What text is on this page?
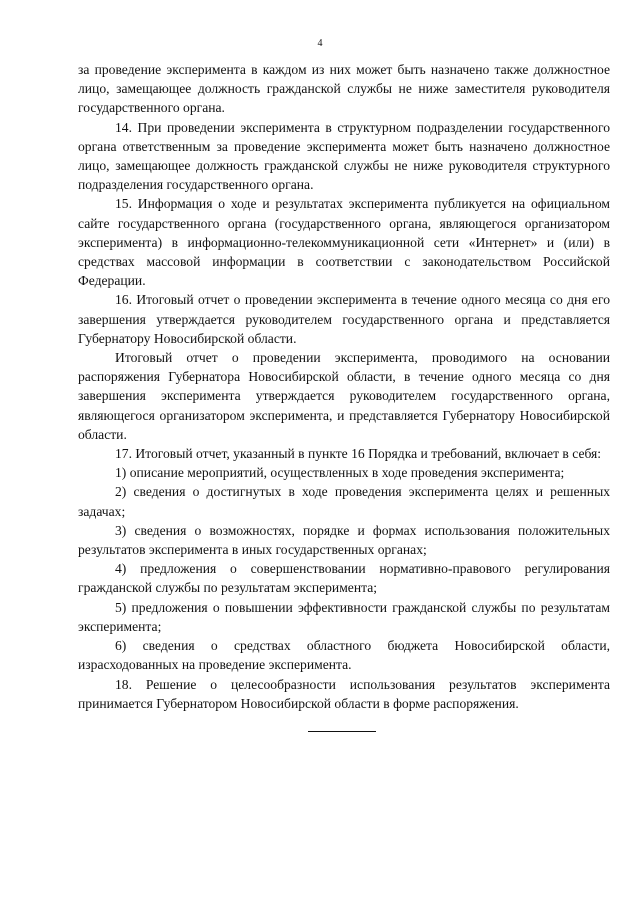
4

за проведение эксперимента в каждом из них может быть назначено также должностное лицо, замещающее должность гражданской службы не ниже заместителя руководителя государственного органа.

14. При проведении эксперимента в структурном подразделении государственного органа ответственным за проведение эксперимента может быть назначено должностное лицо, замещающее должность гражданской службы не ниже руководителя структурного подразделения государственного органа.

15. Информация о ходе и результатах эксперимента публикуется на официальном сайте государственного органа (государственного органа, являющегося организатором эксперимента) в информационно-телекоммуникационной сети «Интернет» и (или) в средствах массовой информации в соответствии с законодательством Российской Федерации.

16. Итоговый отчет о проведении эксперимента в течение одного месяца со дня его завершения утверждается руководителем государственного органа и представляется Губернатору Новосибирской области.

Итоговый отчет о проведении эксперимента, проводимого на основании распоряжения Губернатора Новосибирской области, в течение одного месяца со дня завершения эксперимента утверждается руководителем государственного органа, являющегося организатором эксперимента, и представляется Губернатору Новосибирской области.

17. Итоговый отчет, указанный в пункте 16 Порядка и требований, включает в себя:

1) описание мероприятий, осуществленных в ходе проведения эксперимента;

2) сведения о достигнутых в ходе проведения эксперимента целях и решенных задачах;

3) сведения о возможностях, порядке и формах использования положительных результатов эксперимента в иных государственных органах;

4) предложения о совершенствовании нормативно-правового регулирования гражданской службы по результатам эксперимента;

5) предложения о повышении эффективности гражданской службы по результатам эксперимента;

6) сведения о средствах областного бюджета Новосибирской области, израсходованных на проведение эксперимента.

18. Решение о целесообразности использования результатов эксперимента принимается Губернатором Новосибирской области в форме распоряжения.
